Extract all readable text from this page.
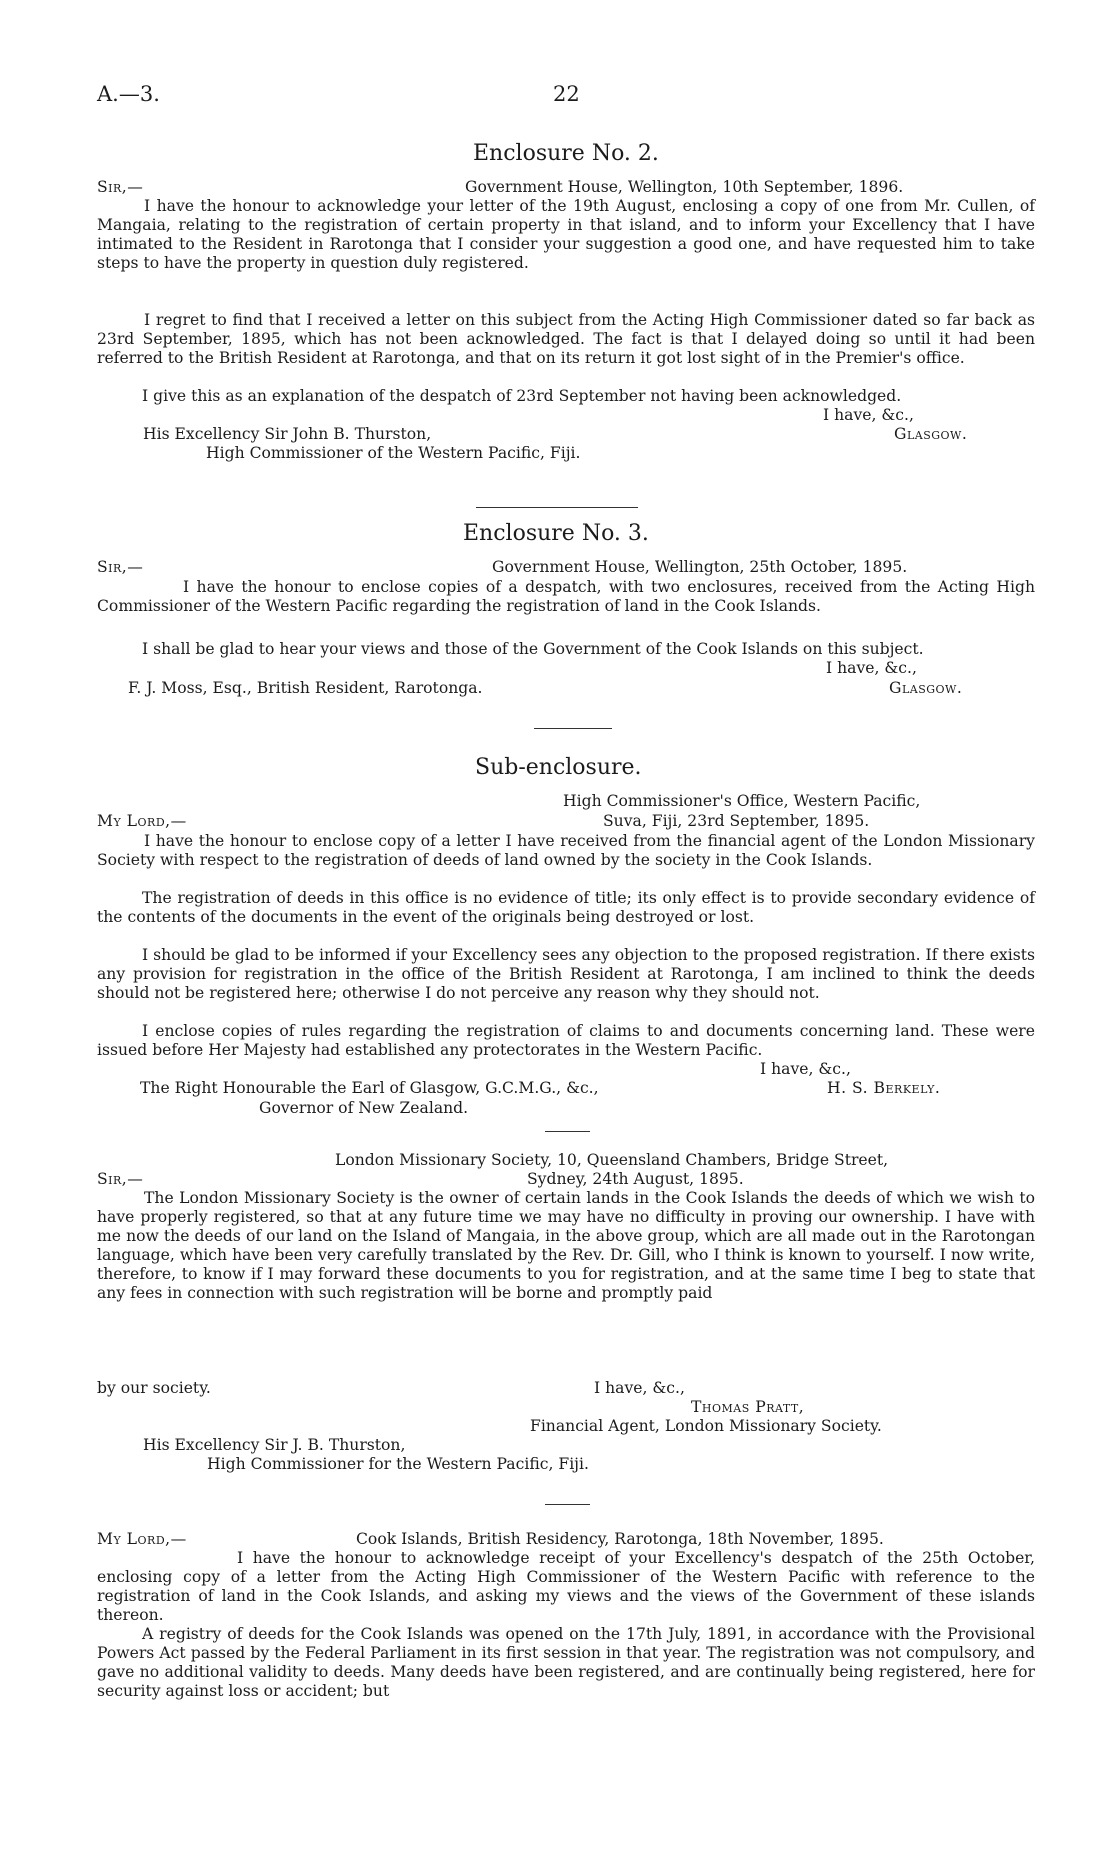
A.—3.	22
Enclosure No. 2.
Sir,—	Government House, Wellington, 10th September, 1896.

I have the honour to acknowledge your letter of the 19th August, enclosing a copy of one from Mr. Cullen, of Mangaia, relating to the registration of certain property in that island, and to inform your Excellency that I have intimated to the Resident in Rarotonga that I consider your suggestion a good one, and have requested him to take steps to have the property in question duly registered.

I regret to find that I received a letter on this subject from the Acting High Commissioner dated so far back as 23rd September, 1895, which has not been acknowledged. The fact is that I delayed doing so until it had been referred to the British Resident at Rarotonga, and that on its return it got lost sight of in the Premier's office.

I give this as an explanation of the despatch of 23rd September not having been acknowledged.

I have, &c.,
His Excellency Sir John B. Thurston,	Glasgow.
High Commissioner of the Western Pacific, Fiji.
Enclosure No. 3.
Sir,—	Government House, Wellington, 25th October, 1895.

I have the honour to enclose copies of a despatch, with two enclosures, received from the Acting High Commissioner of the Western Pacific regarding the registration of land in the Cook Islands.

I shall be glad to hear your views and those of the Government of the Cook Islands on this subject.

I have, &c.,
F. J. Moss, Esq., British Resident, Rarotonga.	Glasgow.
Sub-enclosure.
High Commissioner's Office, Western Pacific,
My Lord,—	Suva, Fiji, 23rd September, 1895.

I have the honour to enclose copy of a letter I have received from the financial agent of the London Missionary Society with respect to the registration of deeds of land owned by the society in the Cook Islands.

The registration of deeds in this office is no evidence of title; its only effect is to provide secondary evidence of the contents of the documents in the event of the originals being destroyed or lost.

I should be glad to be informed if your Excellency sees any objection to the proposed registration. If there exists any provision for registration in the office of the British Resident at Rarotonga, I am inclined to think the deeds should not be registered here; otherwise I do not perceive any reason why they should not.

I enclose copies of rules regarding the registration of claims to and documents concerning land. These were issued before Her Majesty had established any protectorates in the Western Pacific.

I have, &c.,
The Right Honourable the Earl of Glasgow, G.C.M.G., &c.,	H. S. Berkely.
Governor of New Zealand.
London Missionary Society, 10, Queensland Chambers, Bridge Street,
Sir,—	Sydney, 24th August, 1895.

The London Missionary Society is the owner of certain lands in the Cook Islands the deeds of which we wish to have properly registered, so that at any future time we may have no difficulty in proving our ownership. I have with me now the deeds of our land on the Island of Mangaia, in the above group, which are all made out in the Rarotongan language, which have been very carefully translated by the Rev. Dr. Gill, who I think is known to yourself. I now write, therefore, to know if I may forward these documents to you for registration, and at the same time I beg to state that any fees in connection with such registration will be borne and promptly paid

by our society.	I have, &c.,
Thomas Pratt,
Financial Agent, London Missionary Society.
His Excellency Sir J. B. Thurston,
High Commissioner for the Western Pacific, Fiji.
My Lord,—	Cook Islands, British Residency, Rarotonga, 18th November, 1895.

I have the honour to acknowledge receipt of your Excellency's despatch of the 25th October, enclosing copy of a letter from the Acting High Commissioner of the Western Pacific with reference to the registration of land in the Cook Islands, and asking my views and the views of the Government of these islands thereon.

A registry of deeds for the Cook Islands was opened on the 17th July, 1891, in accordance with the Provisional Powers Act passed by the Federal Parliament in its first session in that year. The registration was not compulsory, and gave no additional validity to deeds. Many deeds have been registered, and are continually being registered, here for security against loss or accident; but
